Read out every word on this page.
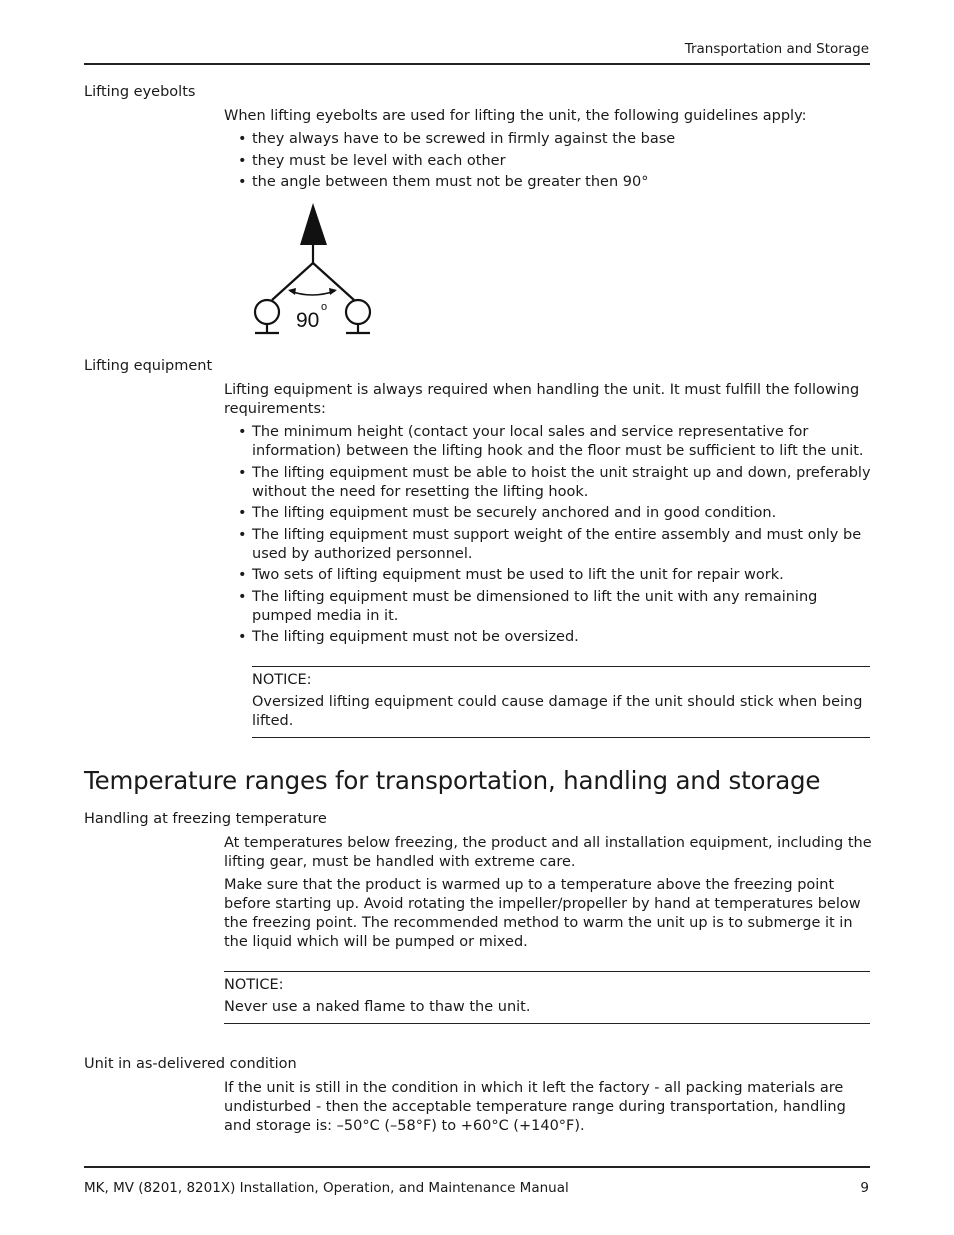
Transportation and Storage
Lifting eyebolts

When lifting eyebolts are used for lifting the unit, the following guidelines apply:

• they always have to be screwed in firmly against the base
• they must be level with each other
• the angle between them must not be greater then 90°
90
o
Lifting equipment

Lifting equipment is always required when handling the unit. It must fulfill the following requirements:

• The minimum height (contact your local sales and service representative for information) between the lifting hook and the floor must be sufficient to lift the unit.
• The lifting equipment must be able to hoist the unit straight up and down, preferably without the need for resetting the lifting hook.
• The lifting equipment must be securely anchored and in good condition.
• The lifting equipment must support weight of the entire assembly and must only be used by authorized personnel.
• Two sets of lifting equipment must be used to lift the unit for repair work.
• The lifting equipment must be dimensioned to lift the unit with any remaining pumped media in it.
• The lifting equipment must not be oversized.
NOTICE:
Oversized lifting equipment could cause damage if the unit should stick when being lifted.
Temperature ranges for transportation, handling and storage
Handling at freezing temperature

At temperatures below freezing, the product and all installation equipment, including the lifting gear, must be handled with extreme care.

Make sure that the product is warmed up to a temperature above the freezing point before starting up. Avoid rotating the impeller/propeller by hand at temperatures below the freezing point. The recommended method to warm the unit up is to submerge it in the liquid which will be pumped or mixed.

NOTICE:
Never use a naked flame to thaw the unit.
Unit in as-delivered condition

If the unit is still in the condition in which it left the factory - all packing materials are undisturbed - then the acceptable temperature range during transportation, handling and storage is: –50°C (–58°F) to +60°C (+140°F).

MK, MV (8201, 8201X) Installation, Operation, and Maintenance Manual	9
